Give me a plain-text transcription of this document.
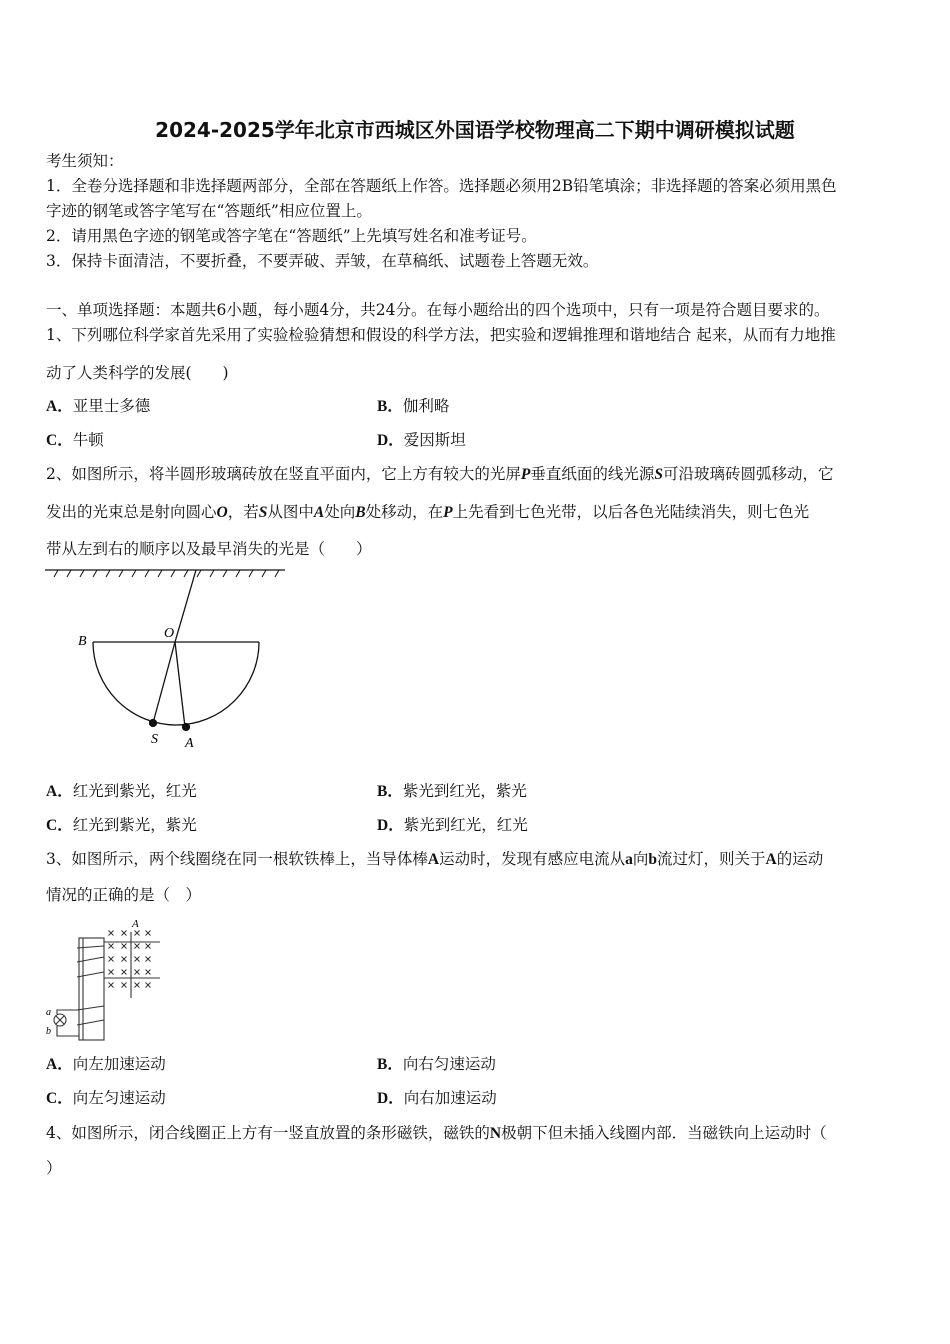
2024-2025学年北京市西城区外国语学校物理高二下期中调研模拟试题
考生须知：
1．全卷分选择题和非选择题两部分，全部在答题纸上作答。选择题必须用2B铅笔填涂；非选择题的答案必须用黑色
字迹的钢笔或答字笔写在“答题纸”相应位置上。
2．请用黑色字迹的钢笔或答字笔在“答题纸”上先填写姓名和准考证号。
3．保持卡面清洁，不要折叠，不要弄破、弄皱，在草稿纸、试题卷上答题无效。
一、单项选择题：本题共6小题，每小题4分，共24分。在每小题给出的四个选项中，只有一项是符合题目要求的。
1、下列哪位科学家首先采用了实验检验猜想和假设的科学方法，把实验和逻辑推理和谐地结合 起来，从而有力地推
动了人类科学的发展(　　)
A．亚里士多德	B．伽利略
C．牛顿	D．爱因斯坦
2、如图所示，将半圆形玻璃砖放在竖直平面内，它上方有较大的光屏P垂直纸面的线光源S可沿玻璃砖圆弧移动，它
发出的光束总是射向圆心O，若S从图中A处向B处移动，在P上先看到七色光带，以后各色光陆续消失，则七色光
带从左到右的顺序以及最早消失的光是（　　）
B
O
S A
A
a
b
A．红光到紫光，红光	B．紫光到红光，紫光
C．红光到紫光，紫光	D．紫光到红光，红光
3、如图所示，两个线圈绕在同一根软铁棒上，当导体棒A运动时，发现有感应电流从a向b流过灯，则关于A的运动
情况的正确的是（　）
A．向左加速运动	B．向右匀速运动
C．向左匀速运动	D．向右加速运动
4、如图所示，闭合线圈正上方有一竖直放置的条形磁铁，磁铁的N极朝下但未插入线圈内部．当磁铁向上运动时（
）
